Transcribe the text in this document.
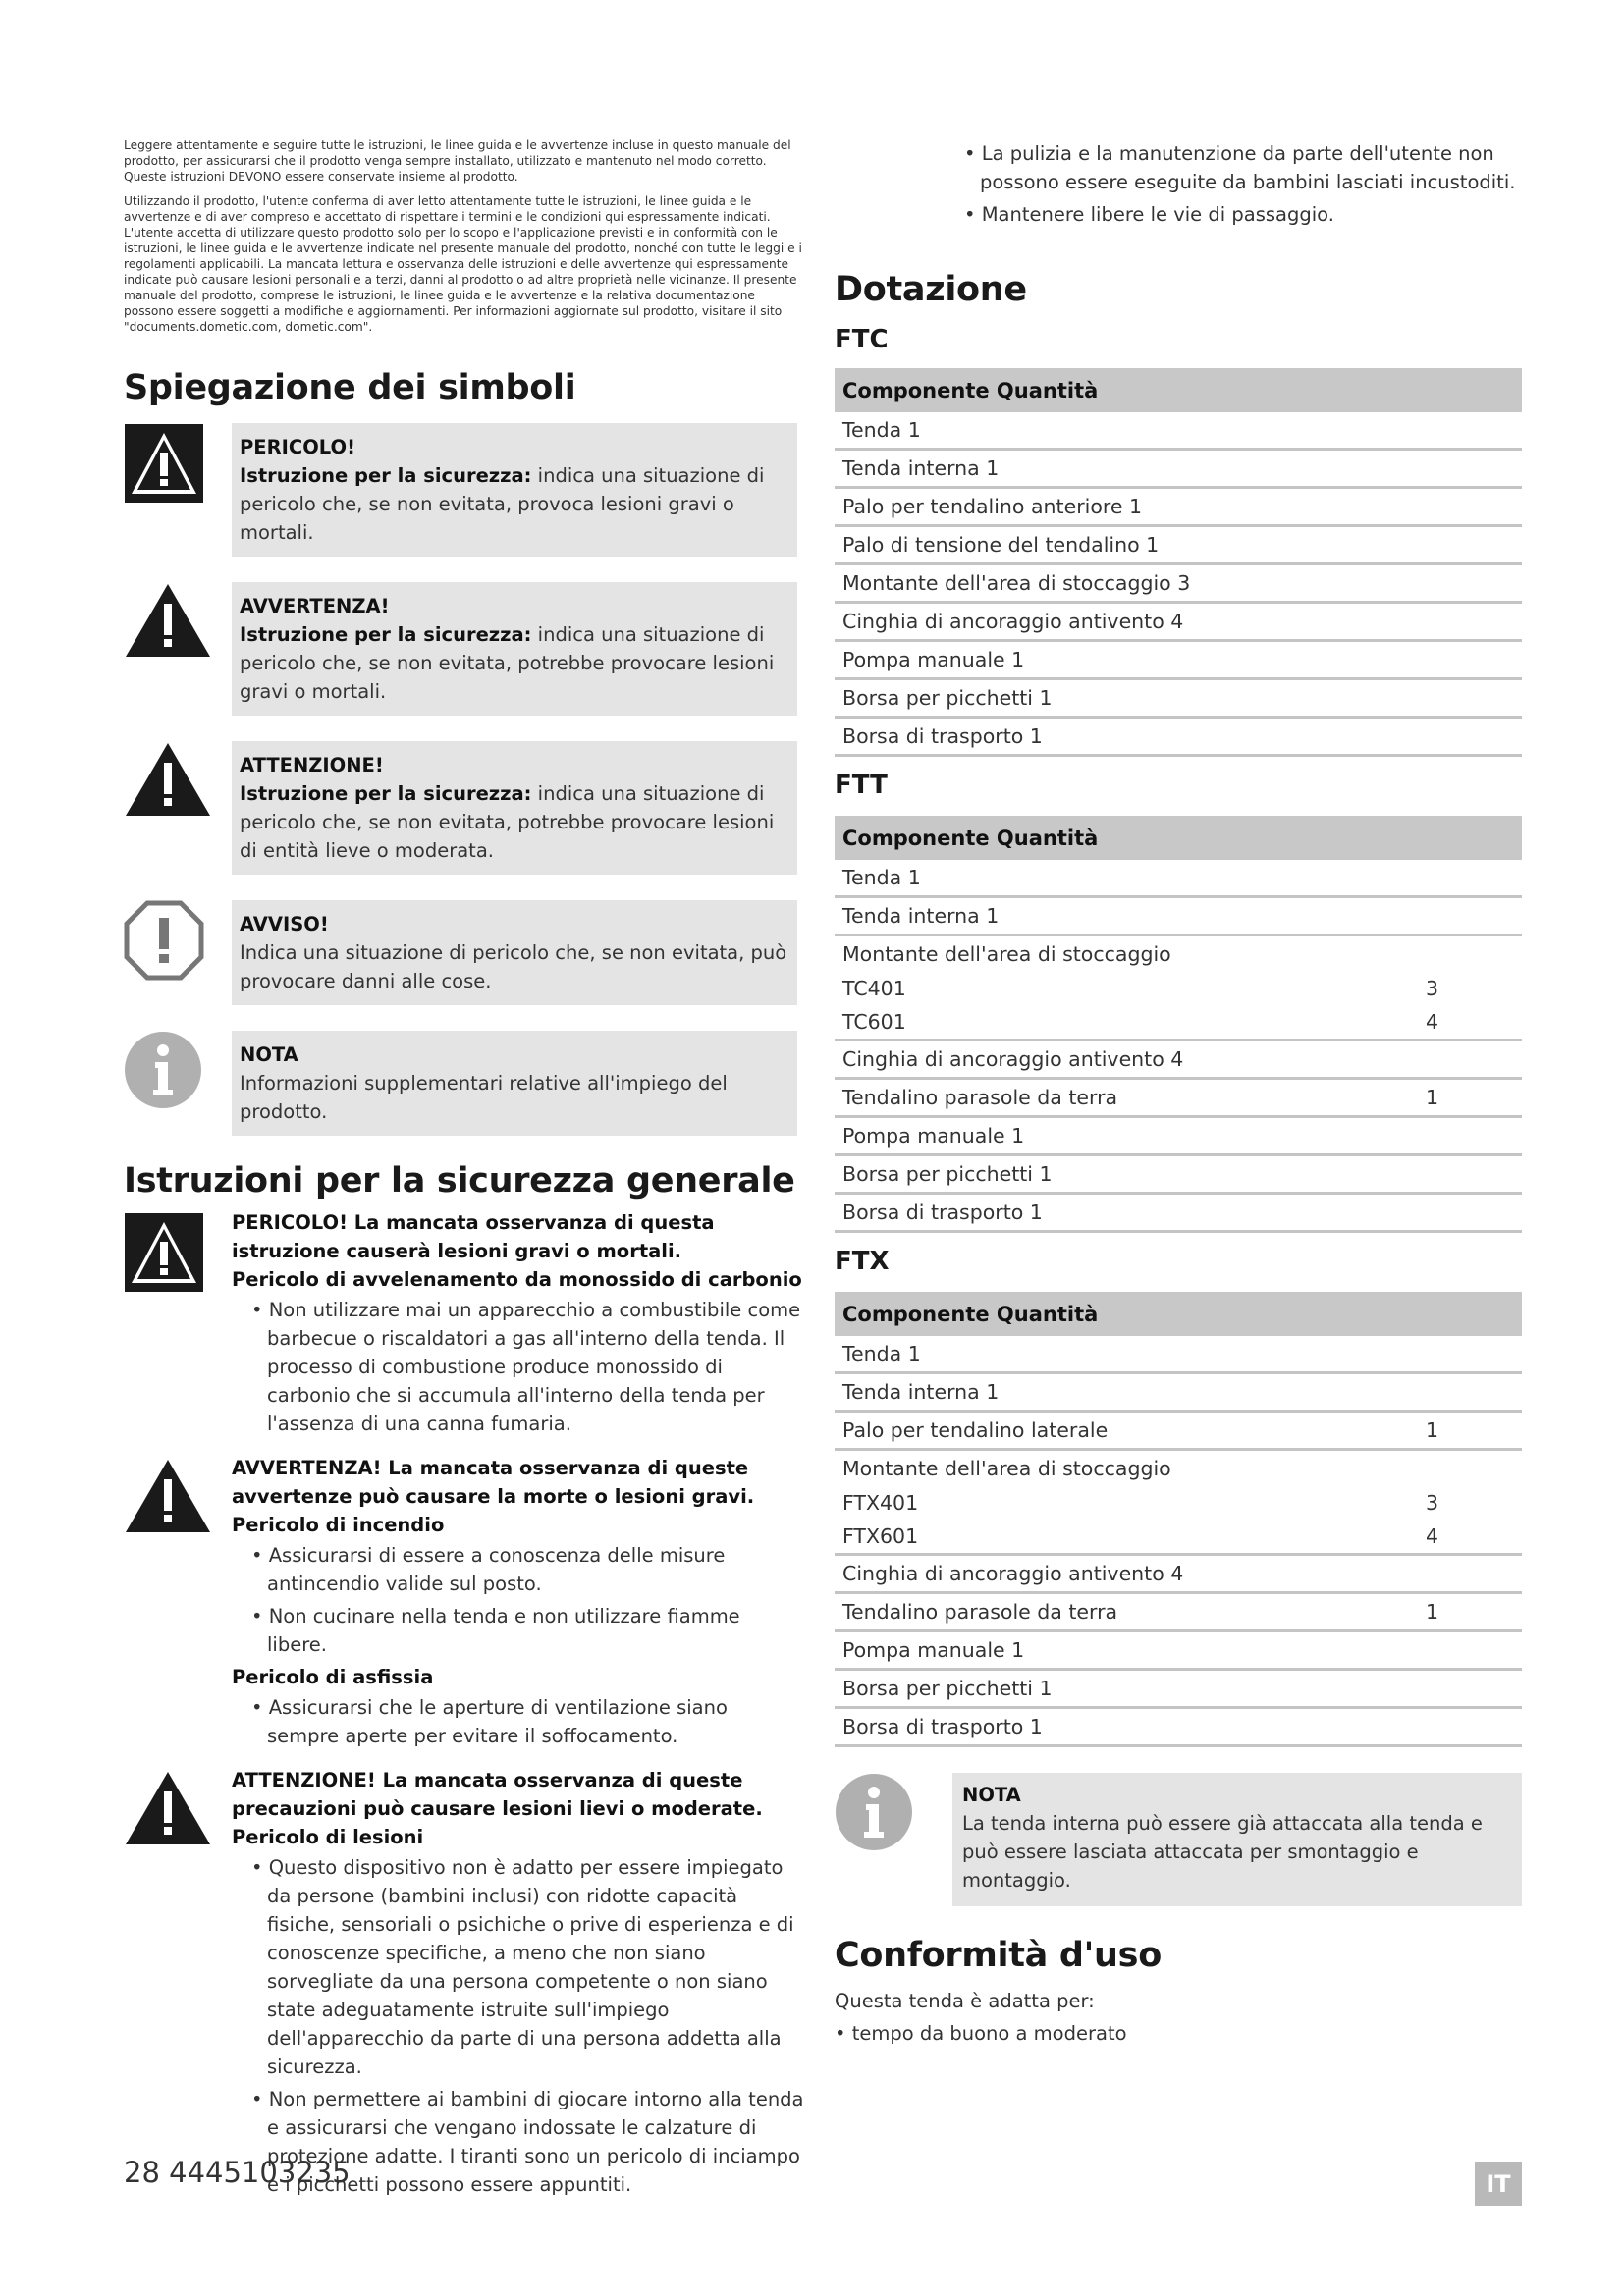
Leggere attentamente e seguire tutte le istruzioni, le linee guida e le avvertenze incluse in questo manuale del prodotto, per assicurarsi che il prodotto venga sempre installato, utilizzato e mantenuto nel modo corretto. Queste istruzioni DEVONO essere conservate insieme al prodotto.

Utilizzando il prodotto, l'utente conferma di aver letto attentamente tutte le istruzioni, le linee guida e le avvertenze e di aver compreso e accettato di rispettare i termini e le condizioni qui espressamente indicati. L'utente accetta di utilizzare questo prodotto solo per lo scopo e l'applicazione previsti e in conformità con le istruzioni, le linee guida e le avvertenze indicate nel presente manuale del prodotto, nonché con tutte le leggi e i regolamenti applicabili. La mancata lettura e osservanza delle istruzioni e delle avvertenze qui espressamente indicate può causare lesioni personali e a terzi, danni al prodotto o ad altre proprietà nelle vicinanze. Il presente manuale del prodotto, comprese le istruzioni, le linee guida e le avvertenze e la relativa documentazione possono essere soggetti a modifiche e aggiornamenti. Per informazioni aggiornate sul prodotto, visitare il sito "documents.dometic.com, dometic.com".

Spiegazione dei simboli
PERICOLO!
Istruzione per la sicurezza: indica una situazione di pericolo che, se non evitata, provoca lesioni gravi o mortali.
AVVERTENZA!
Istruzione per la sicurezza: indica una situazione di pericolo che, se non evitata, potrebbe provocare lesioni gravi o mortali.
ATTENZIONE!
Istruzione per la sicurezza: indica una situazione di pericolo che, se non evitata, potrebbe provocare lesioni di entità lieve o moderata.
AVVISO!
Indica una situazione di pericolo che, se non evitata, può provocare danni alle cose.
NOTA
Informazioni supplementari relative all'impiego del prodotto.
Istruzioni per la sicurezza generale
PERICOLO! La mancata osservanza di questa istruzione causerà lesioni gravi o mortali.
Pericolo di avvelenamento da monossido di carbonio
• Non utilizzare mai un apparecchio a combustibile come barbecue o riscaldatori a gas all'interno della tenda. Il processo di combustione produce monossido di carbonio che si accumula all'interno della tenda per l'assenza di una canna fumaria.
AVVERTENZA! La mancata osservanza di queste avvertenze può causare la morte o lesioni gravi.
Pericolo di incendio
• Assicurarsi di essere a conoscenza delle misure antincendio valide sul posto.
• Non cucinare nella tenda e non utilizzare fiamme libere.
Pericolo di asfissia
• Assicurarsi che le aperture di ventilazione siano sempre aperte per evitare il soffocamento.
ATTENZIONE! La mancata osservanza di queste precauzioni può causare lesioni lievi o moderate.
Pericolo di lesioni
• Questo dispositivo non è adatto per essere impiegato da persone (bambini inclusi) con ridotte capacità fisiche, sensoriali o psichiche o prive di esperienza e di conoscenze specifiche, a meno che non siano sorvegliate da una persona competente o non siano state adeguatamente istruite sull'impiego dell'apparecchio da parte di una persona addetta alla sicurezza.
• Non permettere ai bambini di giocare intorno alla tenda e assicurarsi che vengano indossate le calzature di protezione adatte. I tiranti sono un pericolo di inciampo e i picchetti possono essere appuntiti.
• La pulizia e la manutenzione da parte dell'utente non possono essere eseguite da bambini lasciati incustoditi.
• Mantenere libere le vie di passaggio.
Dotazione
FTC
Componente Quantità
Tenda 1
Tenda interna 1
Palo per tendalino anteriore 1
Palo di tensione del tendalino 1
Montante dell'area di stoccaggio 3
Cinghia di ancoraggio antivento 4
Pompa manuale 1
Borsa per picchetti 1
Borsa di trasporto 1
FTT
Componente Quantità
Tenda 1
Tenda interna 1
Montante dell'area di stoccaggio
TC401	3
TC601	4
Cinghia di ancoraggio antivento 4
Tendalino parasole da terra	1
Pompa manuale 1
Borsa per picchetti 1
Borsa di trasporto 1
FTX
Componente Quantità
Tenda 1
Tenda interna 1
Palo per tendalino laterale	1
Montante dell'area di stoccaggio
FTX401	3
FTX601	4
Cinghia di ancoraggio antivento 4
Tendalino parasole da terra	1
Pompa manuale 1
Borsa per picchetti 1
Borsa di trasporto 1
NOTA
La tenda interna può essere già attaccata alla tenda e può essere lasciata attaccata per smontaggio e montaggio.
Conformità d'uso
Questa tenda è adatta per:
• tempo da buono a moderato
28 4445103235	IT
